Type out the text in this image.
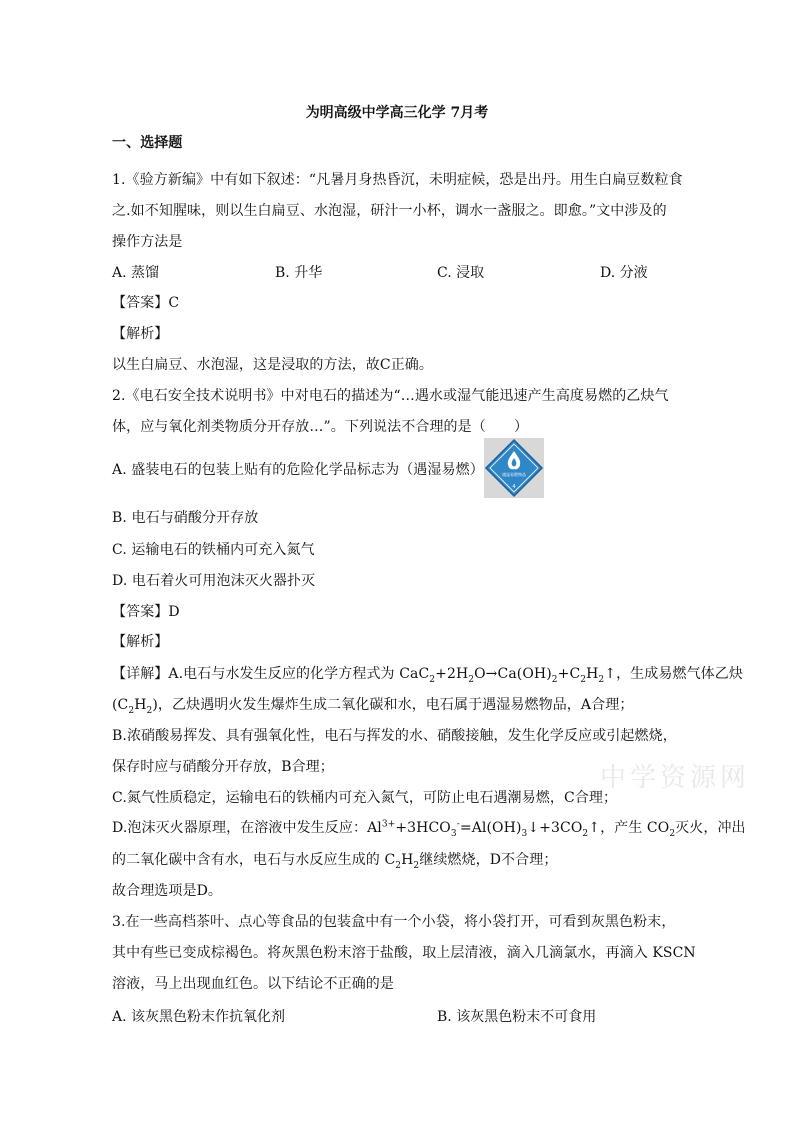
为明高级中学高三化学 7月考
一、选择题
1.《验方新编》中有如下叙述：“凡暑月身热昏沉，未明症候，恐是出丹。用生白扁豆数粒食
之.如不知腥味，则以生白扁豆、水泡湿，研汁一小杯，调水一盏服之。即愈。”文中涉及的
操作方法是
A. 蒸馏	B. 升华	C. 浸取	D. 分液
【答案】C
【解析】
以生白扁豆、水泡湿，这是浸取的方法，故C正确。
2.《电石安全技术说明书》中对电石的描述为“…遇水或湿气能迅速产生高度易燃的乙炔气
体，应与氧化剂类物质分开存放…”。下列说法不合理的是（　　）
A. 盛装电石的包装上贴有的危险化学品标志为（遇湿易燃）	遇湿易燃物品
4
B. 电石与硝酸分开存放
C. 运输电石的铁桶内可充入氮气
D. 电石着火可用泡沫灭火器扑灭
【答案】D
【解析】
【详解】A.电石与水发生反应的化学方程式为 $CaC_2+2H_2O\to Ca(OH)_2+C_2H_2↑$，生成易燃气体乙炔
$(C_2H_2)$，乙炔遇明火发生爆炸生成二氧化碳和水，电石属于遇湿易燃物品，A合理；
B.浓硝酸易挥发、具有强氧化性，电石与挥发的水、硝酸接触，发生化学反应或引起燃烧，
保存时应与硝酸分开存放，B合理；
C.氮气性质稳定，运输电石的铁桶内可充入氮气，可防止电石遇潮易燃，C合理；
D.泡沫灭火器原理，在溶液中发生反应：$Al^{3+}+3HCO_3^-=Al(OH)_3↓+3CO_2↑$，产生 $CO_2$灭火，冲出
的二氧化碳中含有水，电石与水反应生成的 $C_2H_2$继续燃烧，D不合理；
故合理选项是D。
3.在一些高档茶叶、点心等食品的包装盒中有一个小袋，将小袋打开，可看到灰黑色粉末，
其中有些已变成棕褐色。将灰黑色粉末溶于盐酸，取上层清液，滴入几滴氯水，再滴入 KSCN
溶液，马上出现血红色。以下结论不正确的是
A. 该灰黑色粉末作抗氧化剂	B. 该灰黑色粉末不可食用
中学资源网
